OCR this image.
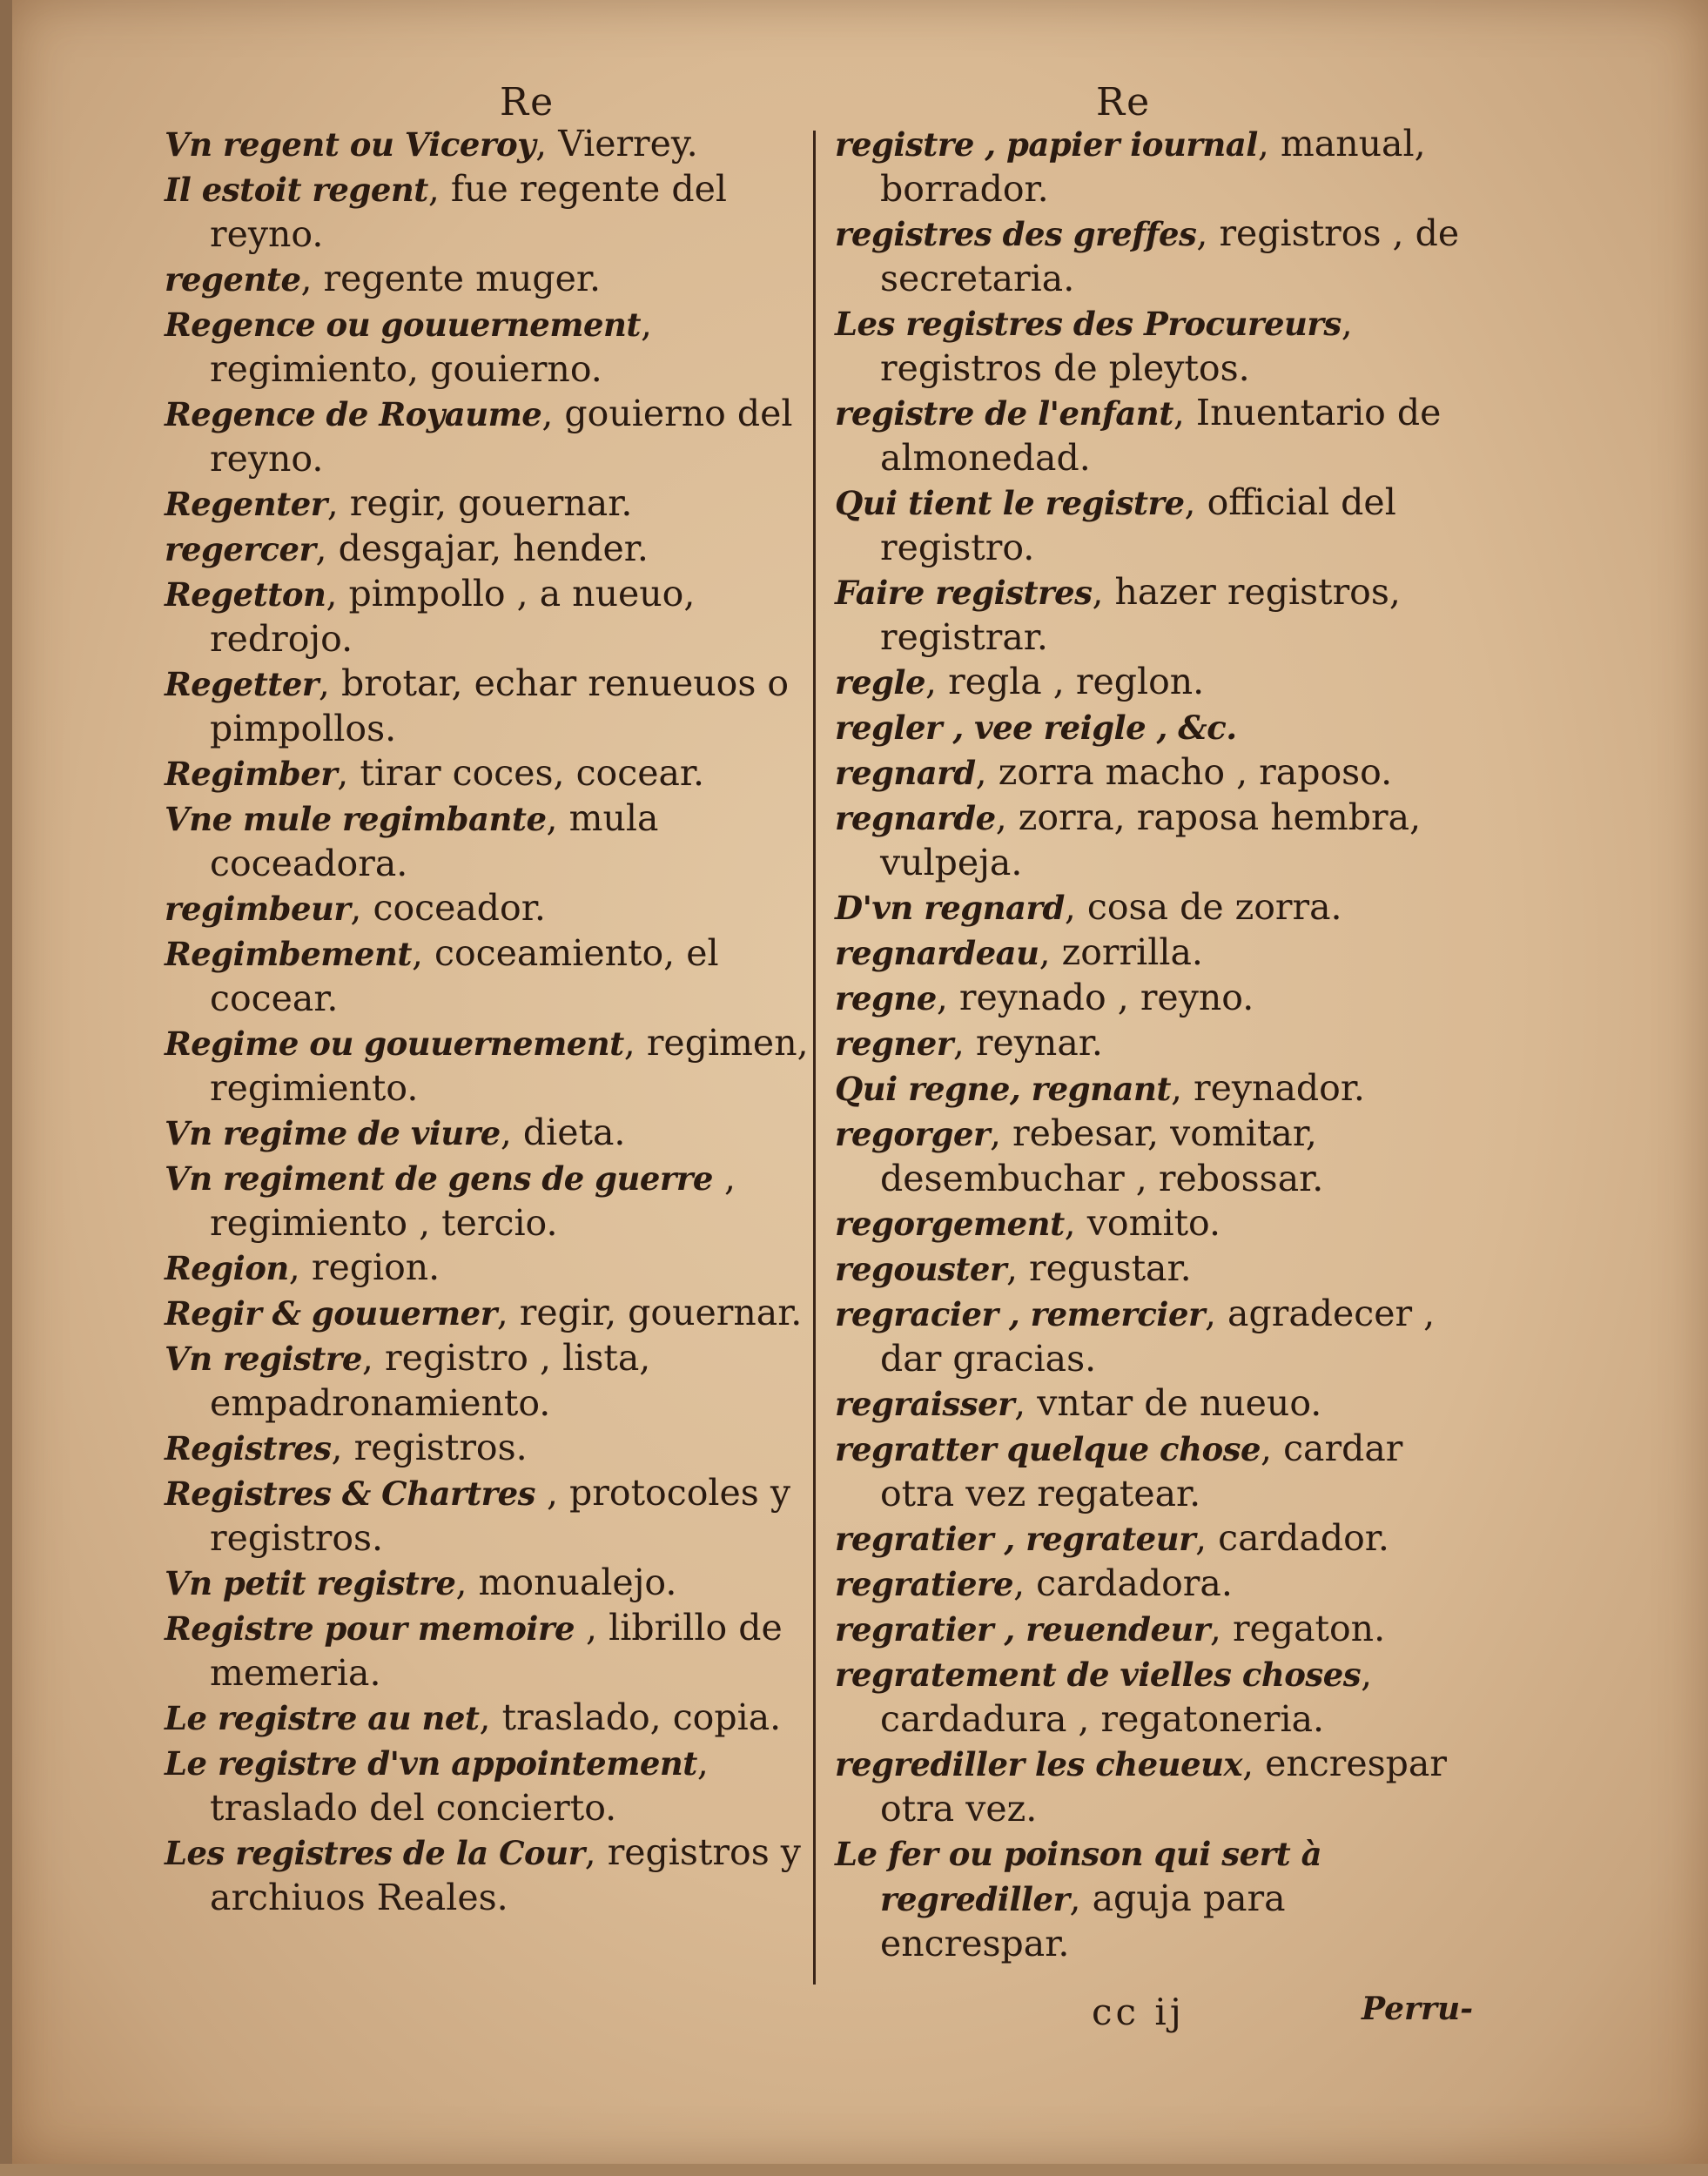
Re	Re

Vn regent ou Viceroy, Vierrey.

Il estoit regent, fue regente del reyno.

regente, regente muger.

Regence ou gouuernement, regimiento, gouierno.

Regence de Royaume, gouierno del reyno.

Regenter, regir, gouernar.

regercer, desgajar, hender.

Regetton, pimpollo , a nueuo, redrojo.

Regetter, brotar, echar renueuos o pimpollos.

Regimber, tirar coces, cocear.

Vne mule regimbante, mula coceadora.

regimbeur, coceador.

Regimbement, coceamiento, el cocear.

Regime ou gouuernement, regimen, regimiento.

Vn regime de viure, dieta.

Vn regiment de gens de guerre , regimiento , tercio.

Region, region.

Regir & gouuerner, regir, gouernar.

Vn registre, registro , lista, empadronamiento.

Registres, registros.

Registres & Chartres , protocoles y registros.

Vn petit registre, monualejo.

Registre pour memoire , librillo de memeria.

Le registre au net, traslado, copia.

Le registre d'vn appointement, traslado del concierto.

Les registres de la Cour, registros y archiuos Reales.

registre , papier iournal, manual, borrador.

registres des greffes, registros , de secretaria.

Les registres des Procureurs, registros de pleytos.

registre de l'enfant, Inuentario de almonedad.

Qui tient le registre, official del registro.

Faire registres, hazer registros, registrar.

regle, regla , reglon.

regler , vee reigle , &c.

regnard, zorra macho , raposo.

regnarde, zorra, raposa hembra, vulpeja.

D'vn regnard, cosa de zorra.

regnardeau, zorrilla.

regne, reynado , reyno.

regner, reynar.

Qui regne, regnant, reynador.

regorger, rebesar, vomitar, desembuchar , rebossar.

regorgement, vomito.

regouster, regustar.

regracier , remercier, agradecer , dar gracias.

regraisser, vntar de nueuo.

regratter quelque chose, cardar otra vez regatear.

regratier , regrateur, cardador.

regratiere, cardadora.

regratier , reuendeur, regaton.

regratement de vielles choses, cardadura , regatoneria.

regrediller les cheueux, encrespar otra vez.

Le fer ou poinson qui sert à regrediller, aguja para encrespar.

cc ij	Perru-
